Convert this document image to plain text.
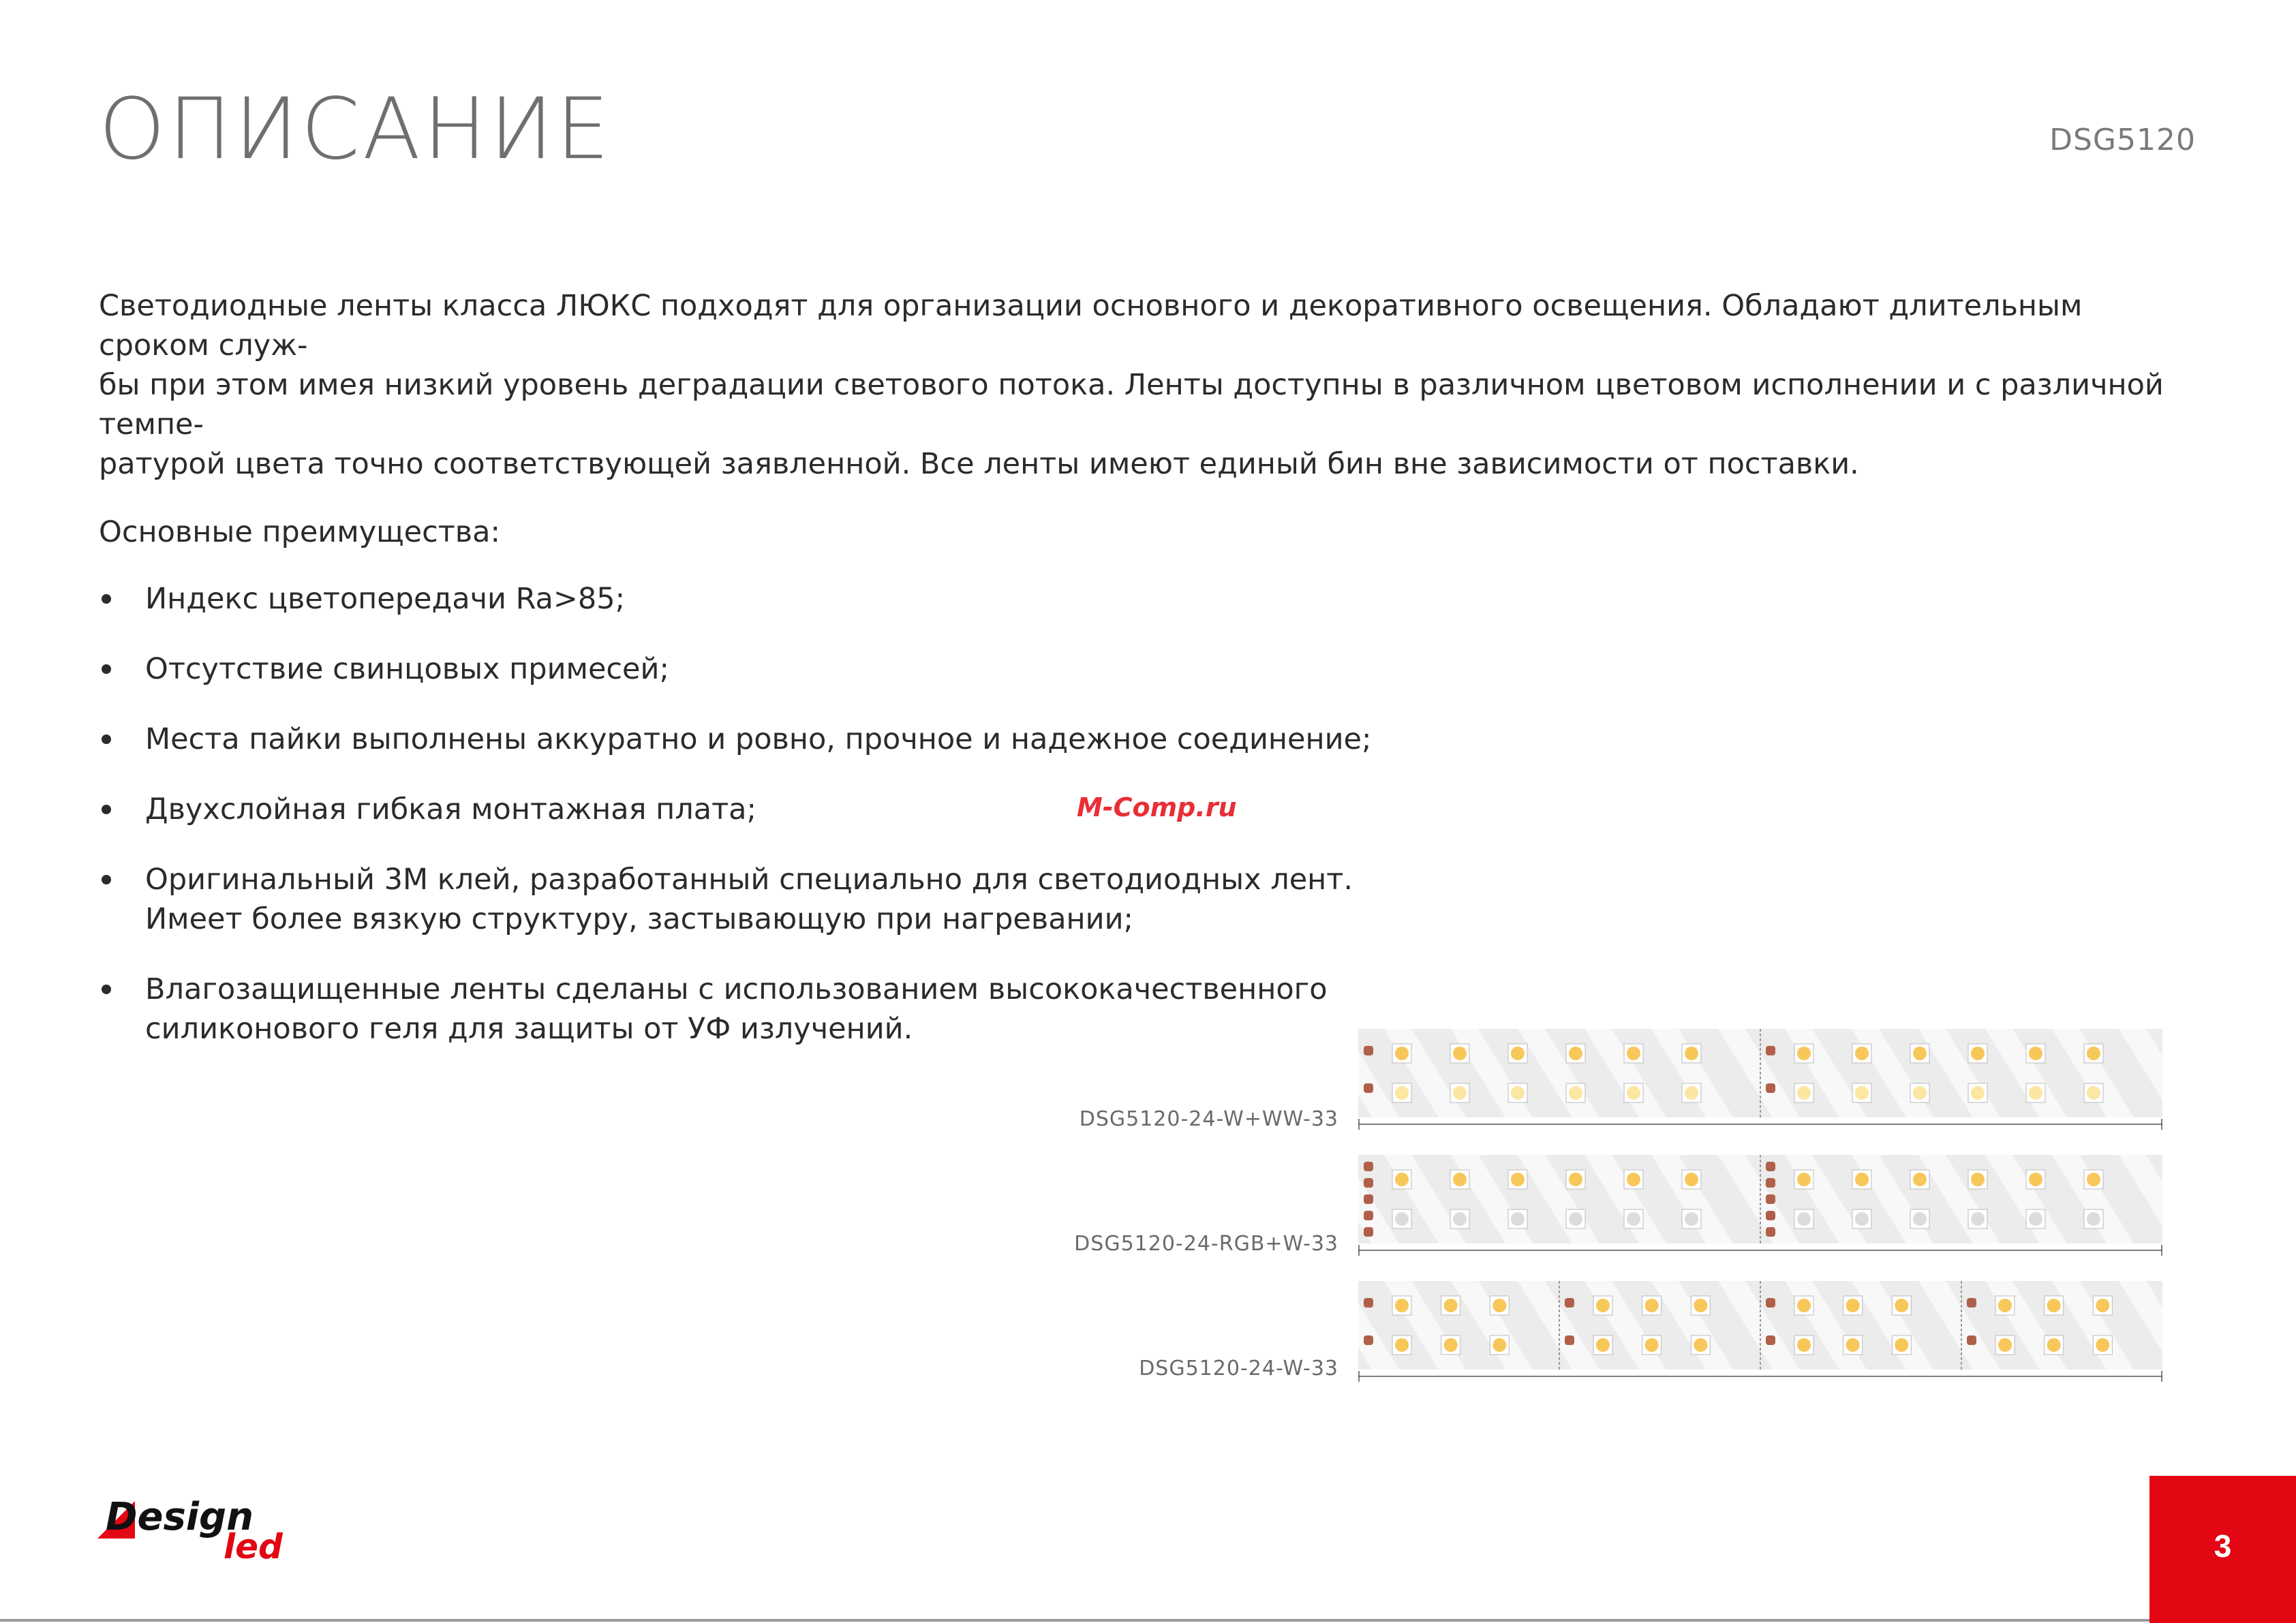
ОПИСАНИЕ	DSG5120

Светодиодные ленты класса ЛЮКС подходят для организации основного и декоративного освещения. Обладают длительным сроком служ-
бы при этом имея низкий уровень деградации светового потока. Ленты доступны в различном цветовом исполнении и с различной темпе-
ратурой цвета точно соответствующей заявленной. Все ленты имеют единый бин вне зависимости от поставки.

Основные преимущества:

Индекс цветопередачи Ra>85;
Отсутствие свинцовых примесей;
Места пайки выполнены аккуратно и ровно, прочное и надежное соединение;
Двухслойная гибкая монтажная плата;
Оригинальный 3M клей, разработанный специально для светодиодных лент.
Имеет более вязкую структуру, застывающую при нагревании;
Влагозащищенные ленты сделаны с использованием высококачественного
силиконового геля для защиты от УФ излучений.
M-Comp.ru
DSG5120-24-W+WW-33
DSG5120-24-RGB+W-33
DSG5120-24-W-33
Design
led	3
